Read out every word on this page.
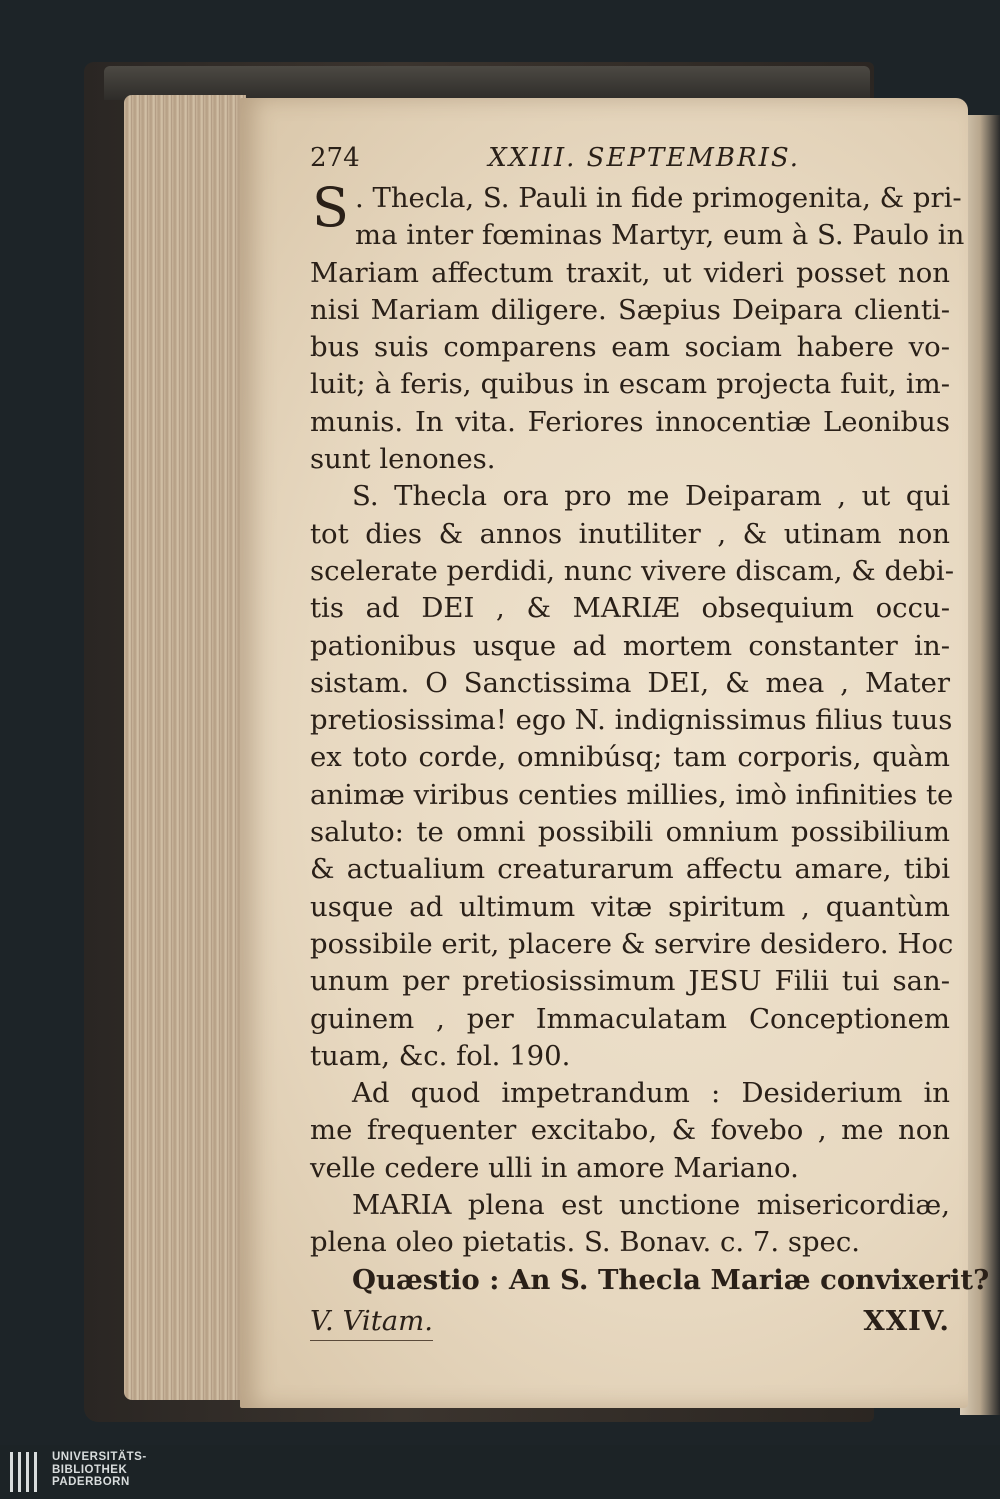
274	XXIII. SEPTEMBRIS.
S . Thecla, S. Pauli in fide primogenita, & pri-
ma inter fœminas Martyr, eum à S. Paulo in
Mariam affectum traxit, ut videri posset non
nisi Mariam diligere. Sæpius Deipara clienti-
bus suis comparens eam sociam habere vo-
luit; à feris, quibus in escam projecta fuit, im-
munis. In vita. Feriores innocentiæ Leonibus
sunt lenones.
S. Thecla ora pro me Deiparam , ut qui
tot dies & annos inutiliter , & utinam non
scelerate perdidi, nunc vivere discam, & debi-
tis ad DEI , & MARIÆ obsequium occu-
pationibus usque ad mortem constanter in-
sistam. O Sanctissima DEI, & mea , Mater
pretiosissima! ego N. indignissimus filius tuus
ex toto corde, omnibúsq; tam corporis, quàm
animæ viribus centies millies, imò infinities te
saluto: te omni possibili omnium possibilium
& actualium creaturarum affectu amare, tibi
usque ad ultimum vitæ spiritum , quantùm
possibile erit, placere & servire desidero. Hoc
unum per pretiosissimum JESU Filii tui san-
guinem , per Immaculatam Conceptionem
tuam, &c. fol. 190.
Ad quod impetrandum : Desiderium in
me frequenter excitabo, & fovebo , me non
velle cedere ulli in amore Mariano.
MARIA plena est unctione misericordiæ,
plena oleo pietatis. S. Bonav. c. 7. spec.
Quæstio : An S. Thecla Mariæ convixerit?
V. Vitam.	XXIV.
UNIVERSITÄTS-
BIBLIOTHEK
PADERBORN
